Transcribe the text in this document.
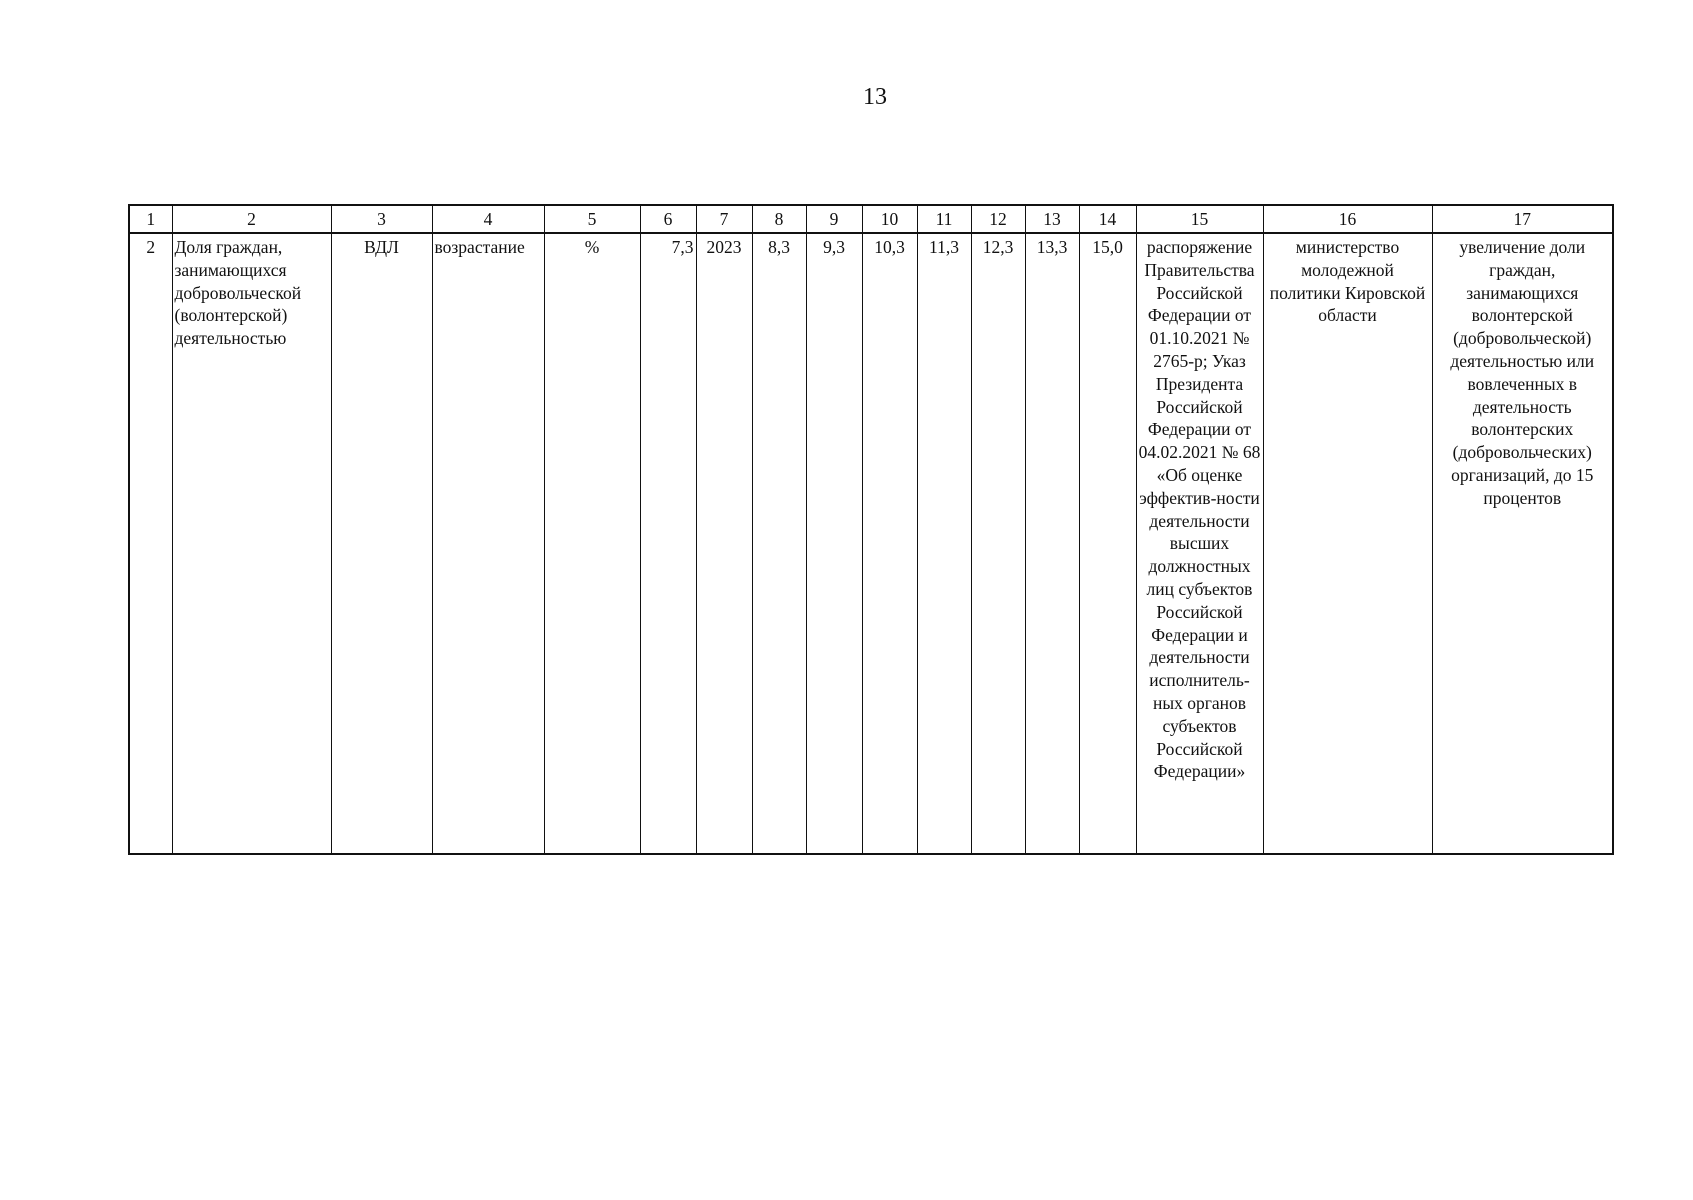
13
1	2	3	4	5	6	7	8	9	10	11	12	13	14	15	16	17
2	Доля граждан, занимающихся добровольческой (волонтерской) деятельностью	ВДЛ	возрастание	%	7,3	2023	8,3	9,3	10,3	11,3	12,3	13,3	15,0	распоряжение Правительства Российской Федерации от 01.10.2021 № 2765-р; Указ Президента Российской Федерации от 04.02.2021 № 68 «Об оценке эффектив-ности деятельности высших должностных лиц субъектов Российской Федерации и деятельности исполнитель-ных органов субъектов Российской Федерации»	министерство молодежной политики Кировской области	увеличение доли граждан, занимающихся волонтерской (добровольческой) деятельностью или вовлеченных в деятельность волонтерских (добровольческих) организаций, до 15 процентов
